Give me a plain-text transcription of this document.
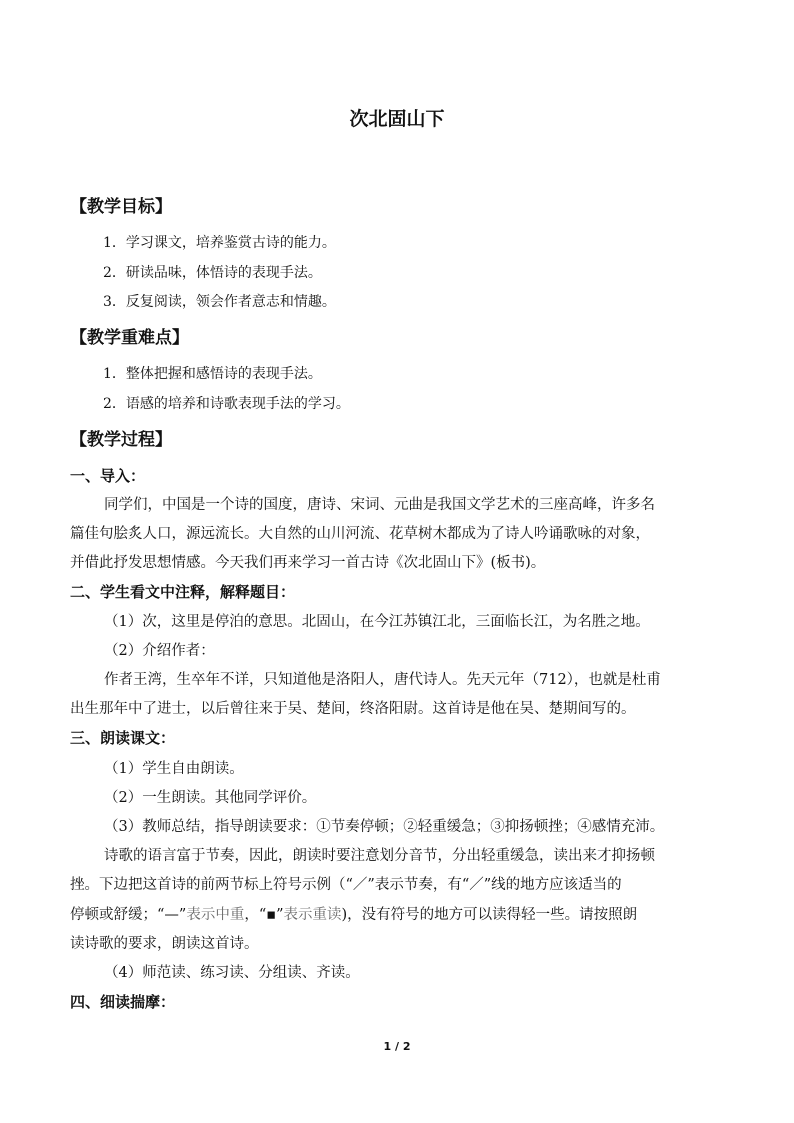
次北固山下
【教学目标】
1．学习课文，培养鉴赏古诗的能力。
2．研读品味，体悟诗的表现手法。
3．反复阅读，领会作者意志和情趣。
【教学重难点】
1．整体把握和感悟诗的表现手法。
2．语感的培养和诗歌表现手法的学习。
【教学过程】
一、导入：
同学们，中国是一个诗的国度，唐诗、宋词、元曲是我国文学艺术的三座高峰，许多名
篇佳句脍炙人口，源远流长。大自然的山川河流、花草树木都成为了诗人吟诵歌咏的对象，
并借此抒发思想情感。今天我们再来学习一首古诗《次北固山下》(板书)。
二、学生看文中注释，解释题目：
（1）次，这里是停泊的意思。北固山，在今江苏镇江北，三面临长江，为名胜之地。
（2）介绍作者：
作者王湾，生卒年不详，只知道他是洛阳人，唐代诗人。先天元年（712），也就是杜甫
出生那年中了进士，以后曾往来于吴、楚间，终洛阳尉。这首诗是他在吴、楚期间写的。
三、朗读课文：
（1）学生自由朗读。
（2）一生朗读。其他同学评价。
（3）教师总结，指导朗读要求：①节奏停顿；②轻重缓急；③抑扬顿挫；④感情充沛。
诗歌的语言富于节奏，因此，朗读时要注意划分音节，分出轻重缓急，读出来才抑扬顿
挫。下边把这首诗的前两节标上符号示例（“／”表示节奏，有“／”线的地方应该适当的
停顿或舒缓；“—”表示中重，“▪”表示重读)，没有符号的地方可以读得轻一些。请按照朗
读诗歌的要求，朗读这首诗。
（4）师范读、练习读、分组读、齐读。
四、细读揣摩：
1 / 2
